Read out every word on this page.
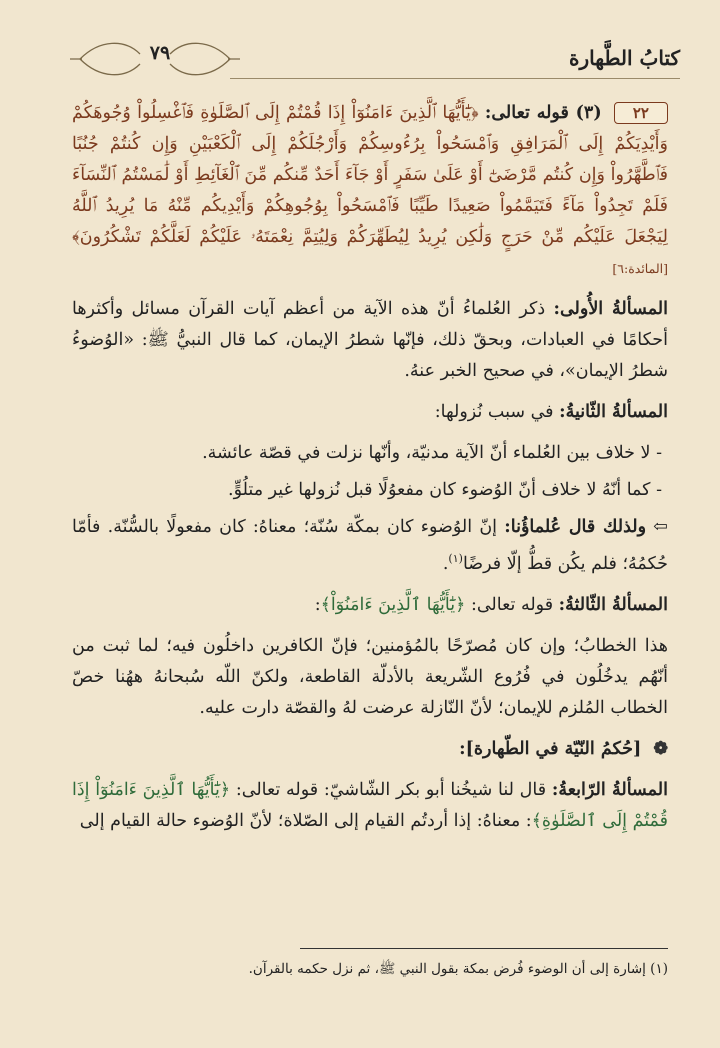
كتابُ الطَّهارة
٧٩

٢٢ (٣) قوله تعالى: ﴿يَٰٓأَيُّهَا ٱلَّذِينَ ءَامَنُوٓاْ إِذَا قُمْتُمْ إِلَى ٱلصَّلَوٰةِ فَٱغْسِلُواْ وُجُوهَكُمْ وَأَيْدِيَكُمْ إِلَى ٱلْمَرَافِقِ وَٱمْسَحُواْ بِرُءُوسِكُمْ وَأَرْجُلَكُمْ إِلَى ٱلْكَعْبَيْنِ وَإِن كُنتُمْ جُنُبًا فَٱطَّهَّرُواْ وَإِن كُنتُم مَّرْضَىٰٓ أَوْ عَلَىٰ سَفَرٍ أَوْ جَآءَ أَحَدٌ مِّنكُم مِّنَ ٱلْغَآئِطِ أَوْ لَٰمَسْتُمُ ٱلنِّسَآءَ فَلَمْ تَجِدُواْ مَآءً فَتَيَمَّمُواْ صَعِيدًا طَيِّبًا فَٱمْسَحُواْ بِوُجُوهِكُمْ وَأَيْدِيكُم مِّنْهُ مَا يُرِيدُ ٱللَّهُ لِيَجْعَلَ عَلَيْكُم مِّنْ حَرَجٍ وَلَٰكِن يُرِيدُ لِيُطَهِّرَكُمْ وَلِيُتِمَّ نِعْمَتَهُۥ عَلَيْكُمْ لَعَلَّكُمْ تَشْكُرُونَ﴾ [المائدة:٦]

المسألةُ الأُولى: ذكر العُلماءُ أنّ هذه الآية من أعظم آيات القرآن مسائل وأكثرها أحكامًا في العبادات، وبحقّ ذلك، فإنّها شطرُ الإيمان، كما قال النبيُّ ﷺ: «الوُضوءُ شطرُ الإيمان»، في صحيح الخبر عنهُ.

المسألةُ الثّانيةُ: في سبب نُزولها:

- لا خلاف بين العُلماء أنّ الآية مدنيّة، وأنّها نزلت في قصّة عائشة.

- كما أنّهُ لا خلاف أنّ الوُضوء كان مفعوُلًا قبل نُزولها غير متلُوٍّ.

⇦ ولذلك قال عُلماؤُنا: إنّ الوُضوء كان بمكّة سُنّة؛ معناهُ: كان مفعولًا بالسُّنّة. فأمّا حُكمُهُ؛ فلم يكُن قطُّ إلّا فرضًا$^{(١)}$.

المسألةُ الثّالثةُ: قوله تعالى: ﴿يَٰٓأَيُّهَا ٱلَّذِينَ ءَامَنُوٓاْ﴾:

هذا الخطابُ؛ وإن كان مُصرّحًا بالمُؤمنين؛ فإنّ الكافرين داخلُون فيه؛ لما ثبت من أنّهُم يدخُلُون في فُرُوع الشّريعة بالأدلّة القاطعة، ولكنّ اللّه سُبحانهُ ههُنا خصّ الخطاب المُلزم للإيمان؛ لأنّ النّازلة عرضت لهُ والقصّة دارت عليه.

❁ [حُكمُ النّيّة في الطّهارة]:

المسألةُ الرّابعةُ: قال لنا شيخُنا أبو بكر الشّاشيّ: قوله تعالى: ﴿يَٰٓأَيُّهَا ٱلَّذِينَ ءَامَنُوٓاْ إِذَا قُمْتُمْ إِلَى ٱلصَّلَوٰةِ﴾: معناهُ: إذا أردتُم القيام إلى الصّلاة؛ لأنّ الوُضوء حالة القيام إلى

(١) إشارة إلى أن الوضوء فُرض بمكة بقول النبي ﷺ، ثم نزل حكمه بالقرآن.
